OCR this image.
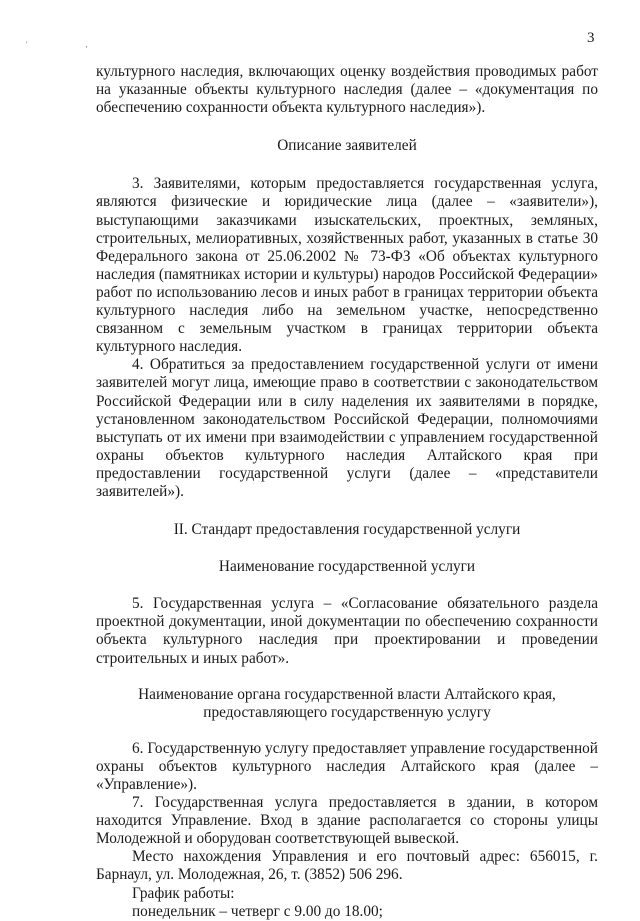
' ,	3

культурного наследия, включающих оценку воздействия проводимых работ на указанные объекты культурного наследия (далее – «документация по обеспечению сохранности объекта культурного наследия»).

Описание заявителей

3. Заявителями, которым предоставляется государственная услуга, являются физические и юридические лица (далее – «заявители»), выступающими заказчиками изыскательских, проектных, земляных, строительных, мелиоративных, хозяйственных работ, указанных в статье 30 Федерального закона от 25.06.2002 № 73-ФЗ «Об объектах культурного наследия (памятниках истории и культуры) народов Российской Федерации» работ по использованию лесов и иных работ в границах территории объекта культурного наследия либо на земельном участке, непосредственно связанном с земельным участком в границах территории объекта культурного наследия.

4. Обратиться за предоставлением государственной услуги от имени заявителей могут лица, имеющие право в соответствии с законодательством Российской Федерации или в силу наделения их заявителями в порядке, установленном законодательством Российской Федерации, полномочиями выступать от их имени при взаимодействии с управлением государственной охраны объектов культурного наследия Алтайского края при предоставлении государственной услуги (далее – «представители заявителей»).

II. Стандарт предоставления государственной услуги

Наименование государственной услуги

5. Государственная услуга – «Согласование обязательного раздела проектной документации, иной документации по обеспечению сохранности объекта культурного наследия при проектировании и проведении строительных и иных работ».

Наименование органа государственной власти Алтайского края,

предоставляющего государственную услугу

6. Государственную услугу предоставляет управление государственной охраны объектов культурного наследия Алтайского края (далее – «Управление»).

7. Государственная услуга предоставляется в здании, в котором находится Управление. Вход в здание располагается со стороны улицы Молодежной и оборудован соответствующей вывеской.

Место нахождения Управления и его почтовый адрес: 656015, г. Барнаул, ул. Молодежная, 26, т. (3852) 506 296.

График работы:

понедельник – четверг с 9.00 до 18.00;
